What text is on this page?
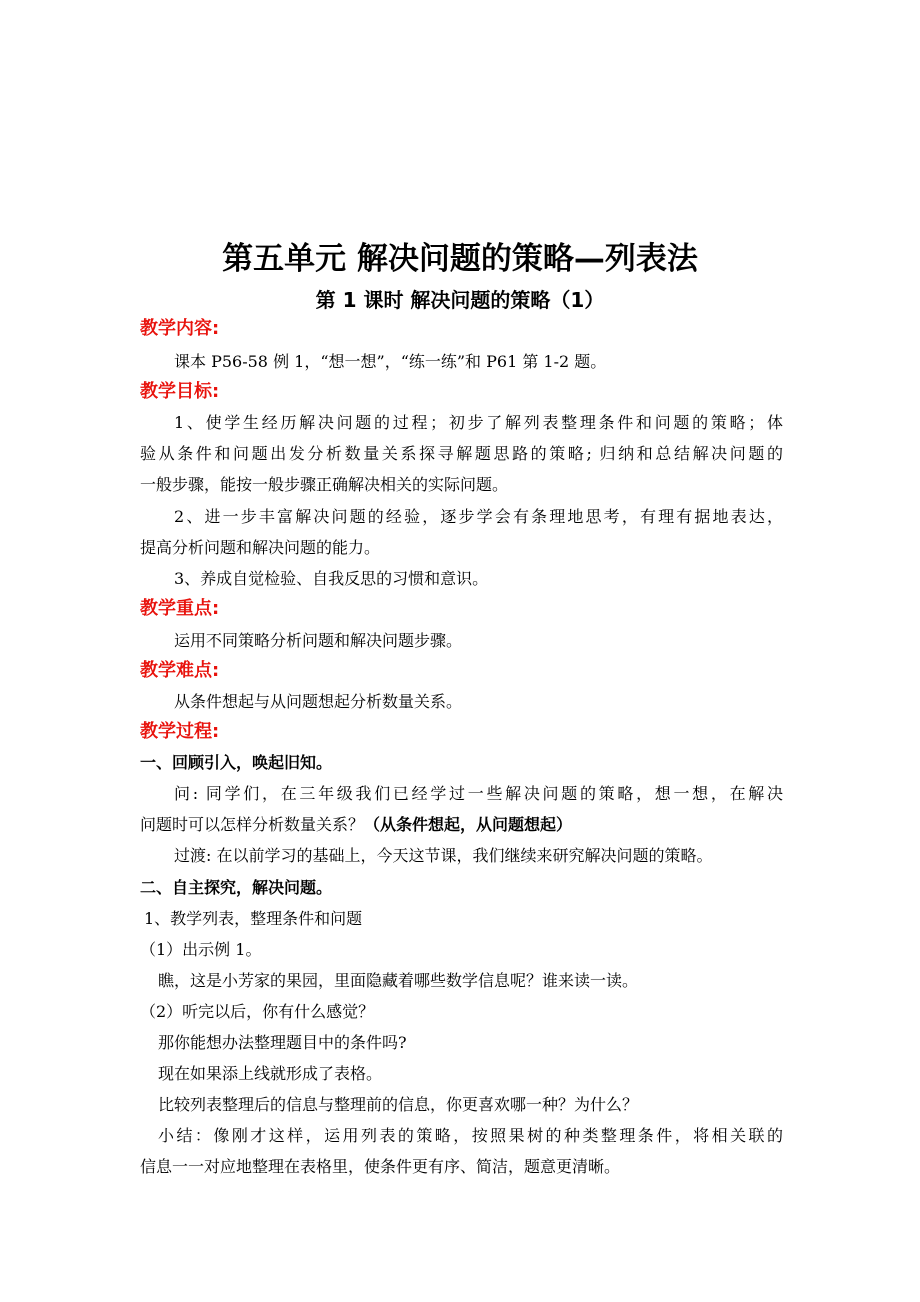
第五单元 解决问题的策略—列表法
第 1 课时 解决问题的策略（1）
教学内容:
课本 P56-58 例 1，“想一想”，“练一练”和 P61 第 1-2 题。
教学目标:
1、使学生经历解决问题的过程；初步了解列表整理条件和问题的策略；体
验从条件和问题出发分析数量关系探寻解题思路的策略; 归纳和总结解决问题的
一般步骤，能按一般步骤正确解决相关的实际问题。
2、进一步丰富解决问题的经验，逐步学会有条理地思考，有理有据地表达，
提高分析问题和解决问题的能力。
3、养成自觉检验、自我反思的习惯和意识。
教学重点:
运用不同策略分析问题和解决问题步骤。
教学难点:
从条件想起与从问题想起分析数量关系。
教学过程:
一、回顾引入，唤起旧知。
问: 同学们，在三年级我们已经学过一些解决问题的策略，想一想，在解决
问题时可以怎样分析数量关系？（从条件想起，从问题想起）
过渡: 在以前学习的基础上，今天这节课，我们继续来研究解决问题的策略。
二、自主探究，解决问题。
1、教学列表，整理条件和问题
（1）出示例 1。
瞧，这是小芳家的果园，里面隐藏着哪些数学信息呢？谁来读一读。
（2）听完以后，你有什么感觉？
那你能想办法整理题目中的条件吗?
现在如果添上线就形成了表格。
比较列表整理后的信息与整理前的信息，你更喜欢哪一种？为什么？
小结：像刚才这样，运用列表的策略，按照果树的种类整理条件，将相关联的
信息一一对应地整理在表格里，使条件更有序、简洁，题意更清晰。
